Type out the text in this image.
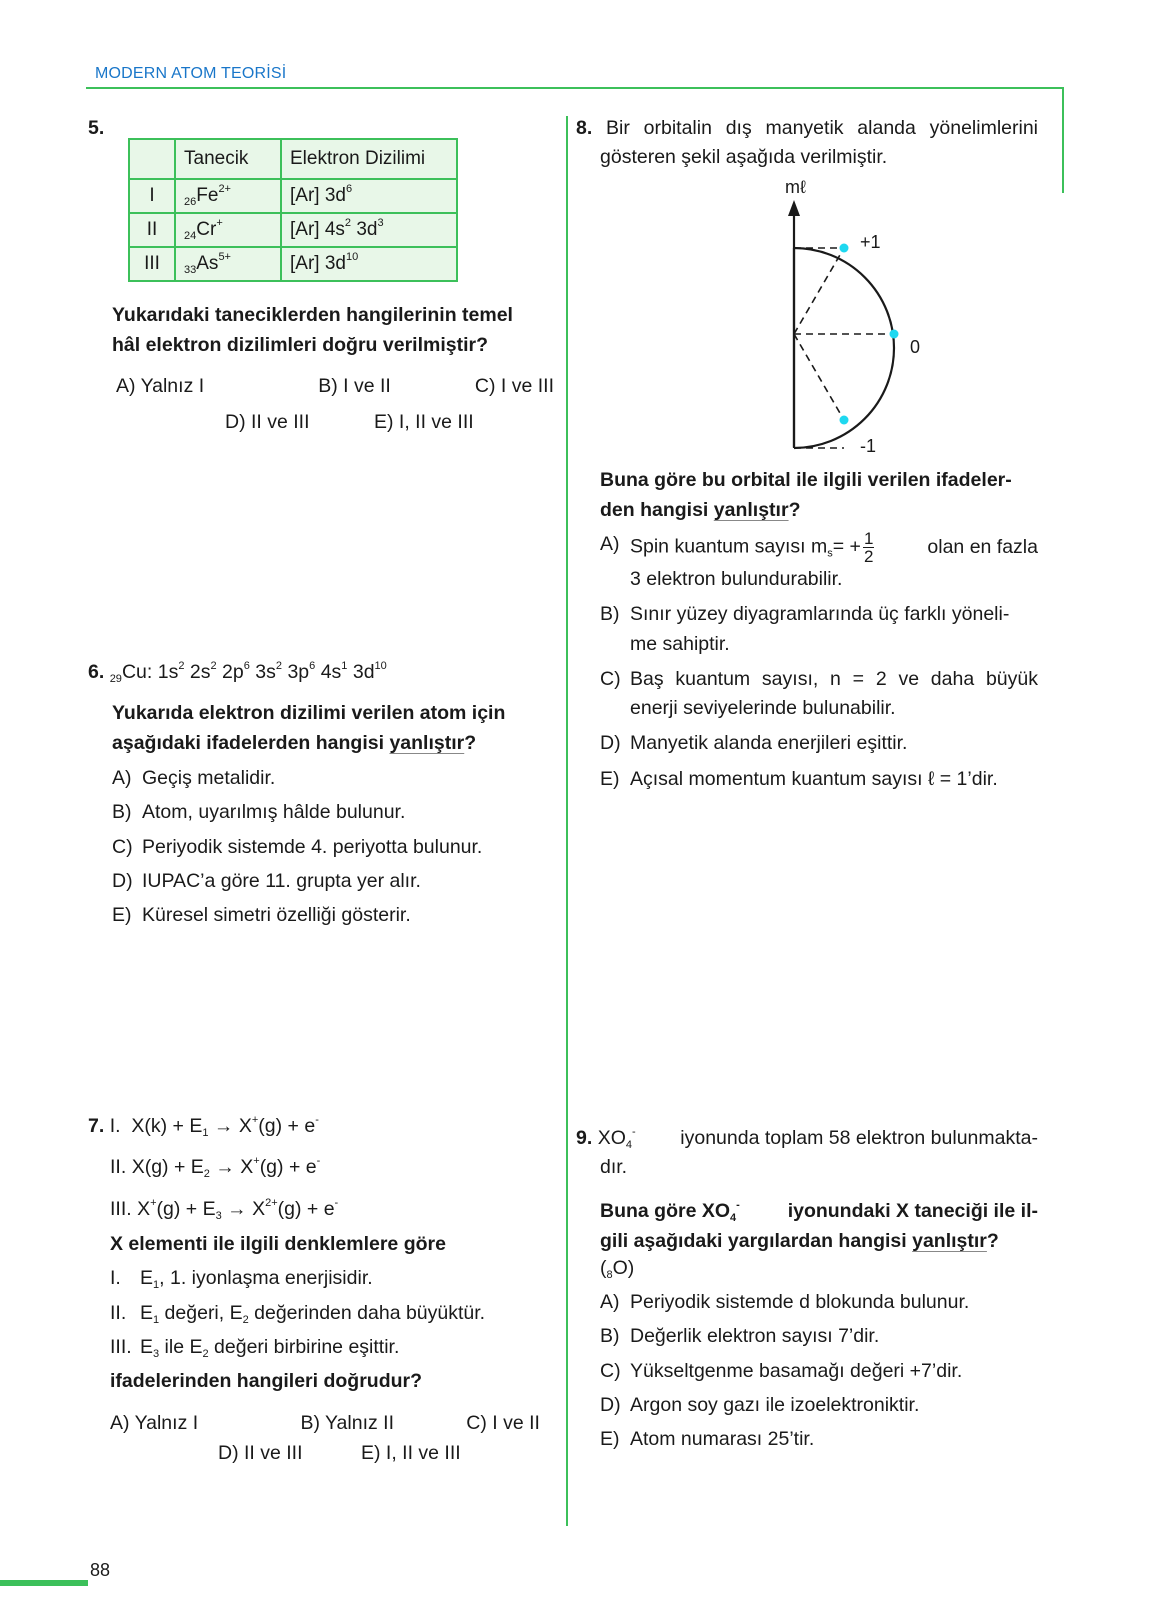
MODERN ATOM TEORİSİ
88
5.
	Tanecik	Elektron Dizilimi
I	$_{26}Fe^{2+}$	[Ar] $3d^6$
II	$_{24}$Cr+	[Ar] $4s^2$ $3d^3$
III	$_{33}As^{5+}$	[Ar] $3d^{10}$
Yukarıdaki taneciklerden hangilerinin temel
hâl elektron dizilimleri doğru verilmiştir?
A) Yalnız I	B) I ve II	C) I ve III
D) II ve III	E) I, II ve III
6. $_{29}$Cu: $1s^2$ $2s^2$ $2p^6$ $3s^2$ $3p^6$ $4s^1$ $3d^{10}$
Yukarıda elektron dizilimi verilen atom için
aşağıdaki ifadelerden hangisi yanlıştır?
A) Geçiş metalidir.
B) Atom, uyarılmış hâlde bulunur.
C) Periyodik sistemde 4. periyotta bulunur.
D) IUPAC’a göre 11. grupta yer alır.
E) Küresel simetri özelliği gösterir.
7. I. $X(k) + E_1 \to X^+(g) + e^-$
II. $X(g) + E_2 \to X^+(g) + e^-$
III. $X^+(g) + E_3 \to X^{2+}(g) + e^-$
X elementi ile ilgili denklemlere göre
I. $E_1$, 1. iyonlaşma enerjisidir.
II. $E_1$ değeri, $E_2$ değerinden daha büyüktür.
III. $E_3$ ile $E_2$ değeri birbirine eşittir.
ifadelerinden hangileri doğrudur?
A) Yalnız I	B) Yalnız II	C) I ve II
D) II ve III	E) I, II ve III
8. Bir orbitalin dış manyetik alanda yönelimlerini
gösteren şekil aşağıda verilmiştir.
mℓ
+1
0
-1
Buna göre bu orbital ile ilgili verilen ifadeler-
den hangisi yanlıştır?
A) Spin kuantum sayısı $m_s= + \frac{1}{2}$	olan en fazla
3 elektron bulundurabilir.
B) Sınır yüzey diyagramlarında üç farklı yöneli-
me sahiptir.
C) Baş kuantum sayısı, n = 2 ve daha büyük
enerji seviyelerinde bulunabilir.
D) Manyetik alanda enerjileri eşittir.
E) Açısal momentum kuantum sayısı ℓ = 1’dir.
9. $XO_4^-$ iyonunda toplam 58 elektron bulunmakta-
dır.
Buna göre $XO_4^-$ iyonundaki X taneciği ile il-
gili aşağıdaki yargılardan hangisi yanlıştır?
$(_8O)$
A) Periyodik sistemde d blokunda bulunur.
B) Değerlik elektron sayısı 7’dir.
C) Yükseltgenme basamağı değeri +7’dir.
D) Argon soy gazı ile izoelektroniktir.
E) Atom numarası 25’tir.
